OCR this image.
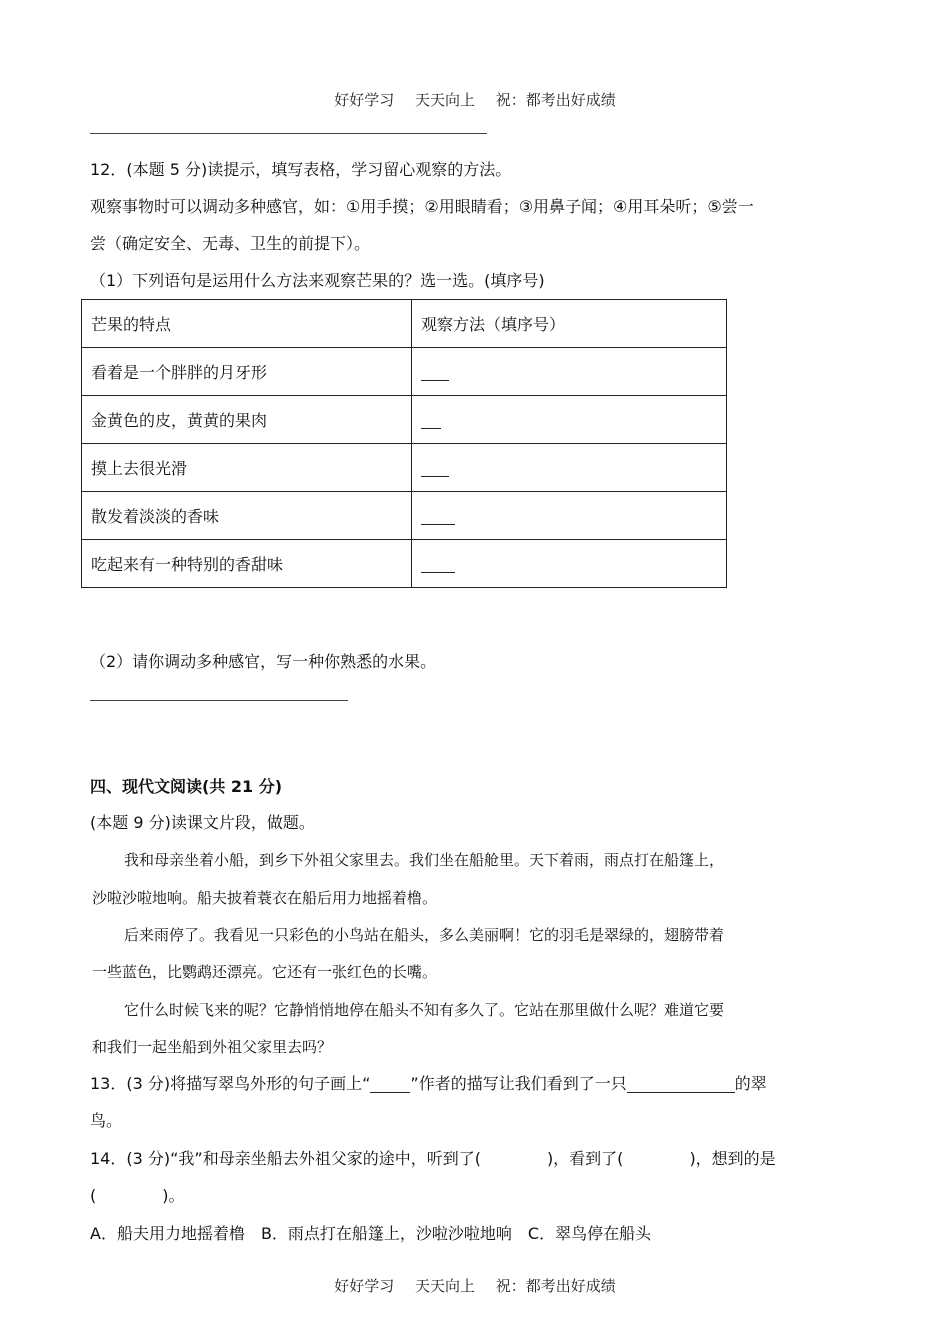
好好学习 天天向上 祝：都考出好成绩
12．(本题 5 分)读提示，填写表格，学习留心观察的方法。
观察事物时可以调动多种感官，如：①用手摸；②用眼睛看；③用鼻子闻；④用耳朵听；⑤尝一
尝（确定安全、无毒、卫生的前提下）。
（1）下列语句是运用什么方法来观察芒果的？选一选。(填序号)
芒果的特点	观察方法（填序号）
看着是一个胖胖的月牙形	
金黄色的皮，黄黄的果肉	
摸上去很光滑	
散发着淡淡的香味	
吃起来有一种特别的香甜味	
（2）请你调动多种感官，写一种你熟悉的水果。
四、现代文阅读(共 21 分)
(本题 9 分)读课文片段，做题。
我和母亲坐着小船，到乡下外祖父家里去。我们坐在船舱里。天下着雨，雨点打在船篷上，
沙啦沙啦地响。船夫披着蓑衣在船后用力地摇着橹。
后来雨停了。我看见一只彩色的小鸟站在船头，多么美丽啊！它的羽毛是翠绿的，翅膀带着
一些蓝色，比鹦鹉还漂亮。它还有一张红色的长嘴。
它什么时候飞来的呢？它静悄悄地停在船头不知有多久了。它站在那里做什么呢？难道它要
和我们一起坐船到外祖父家里去吗？
13．(3 分)将描写翠鸟外形的句子画上“	”作者的描写让我们看到了一只	的翠
鸟。
14．(3 分)“我”和母亲坐船去外祖父家的途中，听到了(	)，看到了(	)，想到的是
(	)。
A．船夫用力地摇着橹　B．雨点打在船篷上，沙啦沙啦地响　C．翠鸟停在船头
好好学习 天天向上 祝：都考出好成绩
